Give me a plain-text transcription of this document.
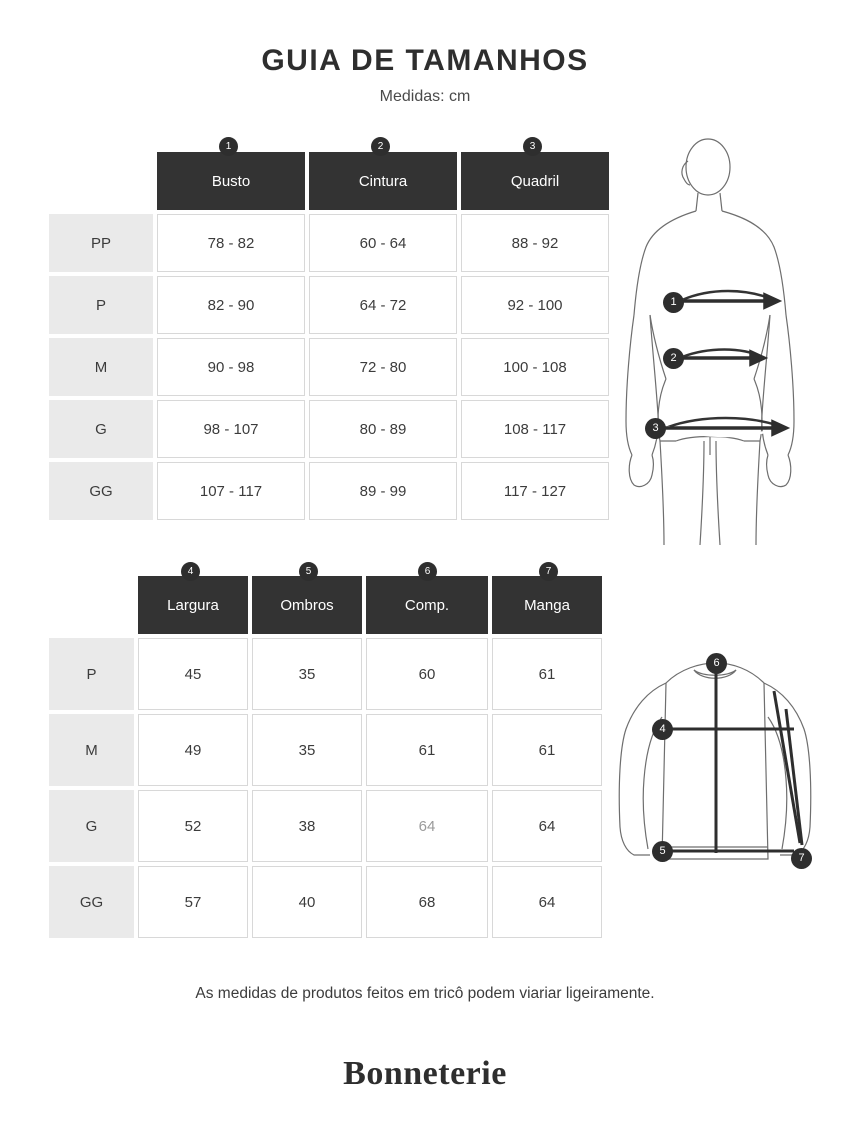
GUIA DE TAMANHOS
Medidas: cm
	Busto	Cintura	Quadril
PP	78 - 82	60 - 64	88 - 92
P	82 - 90	64 - 72	92 - 100
M	90 - 98	72 - 80	100 - 108
G	98 - 107	80 - 89	108 - 117
GG	107 - 117	89 - 99	117 - 127
1	2	3
1
2
3
	Largura	Ombros	Comp.	Manga
P	45	35	60	61
M	49	35	61	61
G	52	38	64	64
GG	57	40	68	64
4	5	6	7
6
4
5
7
As medidas de produtos feitos em tricô podem viariar ligeiramente.
Bonneterie
